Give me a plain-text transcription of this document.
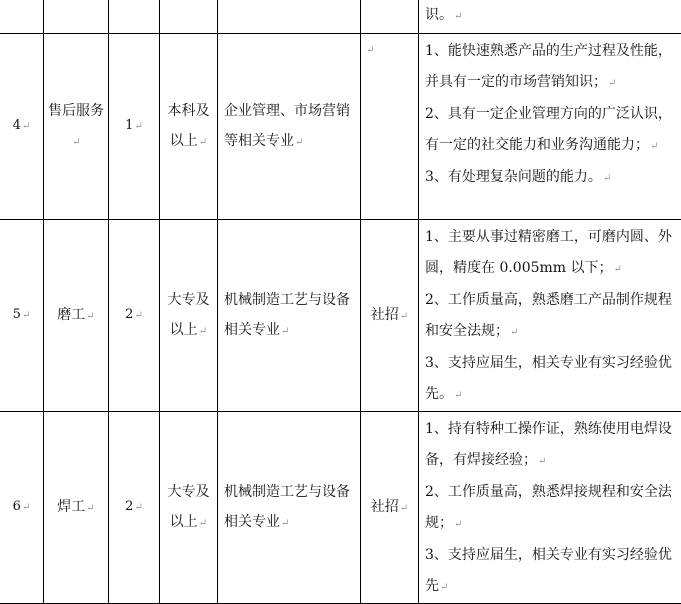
						识。 ↵

4 ↵	售后服务 ↵	1 ↵	本科及以上 ↵	企业管理、市场营销等相关专业 ↵	↵	1、能快速熟悉产品的生产过程及性能，并具有一定的市场营销知识； ↵
2、具有一定企业管理方向的广泛认识，有一定的社交能力和业务沟通能力； ↵
3、有处理复杂问题的能力。 ↵

5 ↵	磨工 ↵	2 ↵	大专及以上 ↵	机械制造工艺与设备相关专业 ↵	社招 ↵	1、主要从事过精密磨工，可磨内圆、外圆，精度在 0.005mm 以下； ↵
2、工作质量高，熟悉磨工产品制作规程和安全法规； ↵
3、支持应届生，相关专业有实习经验优先。 ↵

6 ↵	焊工 ↵	2 ↵	大专及以上 ↵	机械制造工艺与设备相关专业 ↵	社招 ↵	1、持有特种工操作证，熟练使用电焊设备，有焊接经验； ↵
2、工作质量高，熟悉焊接规程和安全法规； ↵
3、支持应届生，相关专业有实习经验优先 ↵
